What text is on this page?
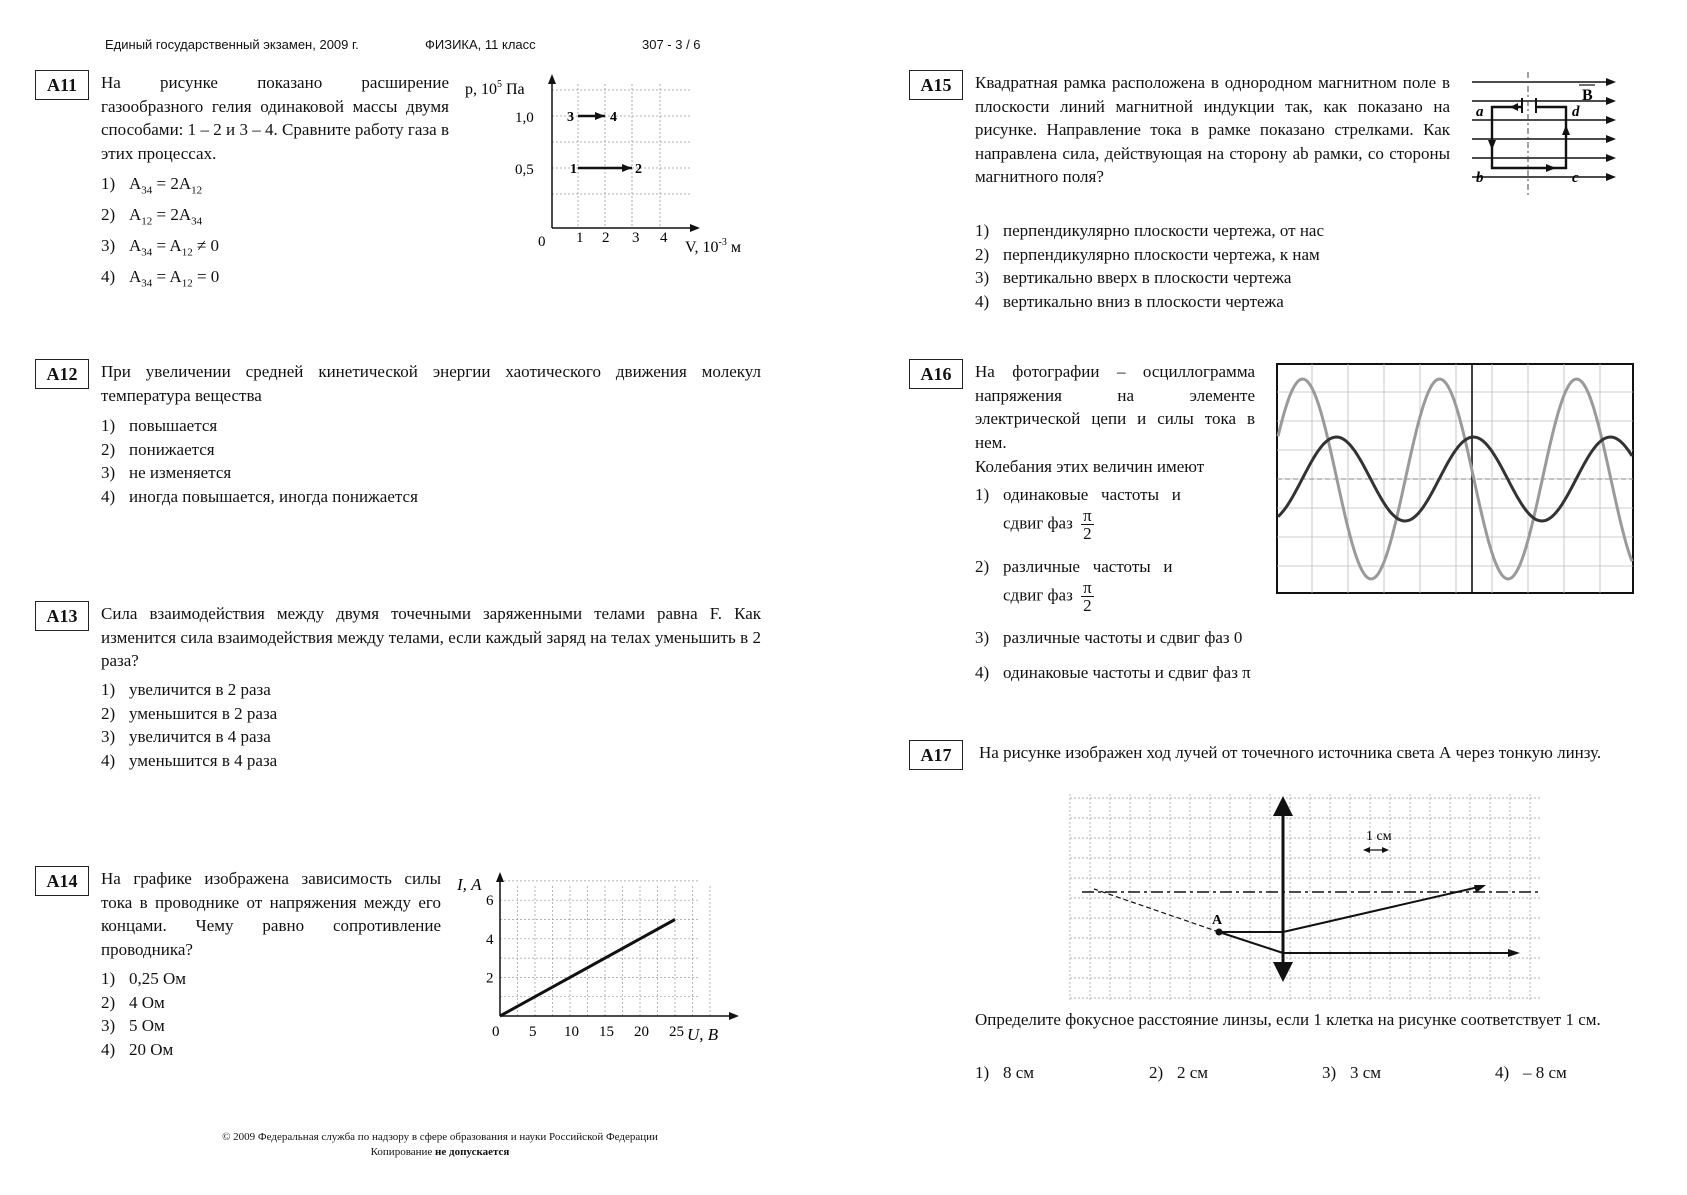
Единый государственный экзамен, 2009 г.	ФИЗИКА, 11 класс	307 - 3 / 6
A11	На рисунке показано расширение газообразного гелия одинаковой массы двумя способами: 1 – 2 и 3 – 4. Сравните работу газа в этих процессах.
1) $A_{34} = 2A_{12}$
2) $A_{12} = 2A_{34}$
3) $A_{34} = A_{12} \ne 0$
4) $A_{34} = A_{12} = 0$
p, $10^5$ Па
1,0
0,5
0 1 2 3 4
1	2
3	4
V, $10^{-3}$ м
A12	При увеличении средней кинетической энергии хаотического движения молекул температура вещества
1) повышается
2) понижается
3) не изменяется
4) иногда повышается, иногда понижается
A13	Сила взаимодействия между двумя точечными заряженными телами равна F. Как изменится сила взаимодействия между телами, если каждый заряд на телах уменьшить в 2 раза?
1) увеличится в 2 раза
2) уменьшится в 2 раза
3) увеличится в 4 раза
4) уменьшится в 4 раза
A14	На графике изображена зависимость силы тока в проводнике от напряжения между его концами. Чему равно сопротивление проводника?
1) 0,25 Ом
2) 4 Ом
3) 5 Ом
4) 20 Ом
0 5 10 15 20 25
2
4
6
I, А
U, В
A15	Квадратная рамка расположена в однородном магнитном поле в плоскости линий магнитной индукции так, как показано на рисунке. Направление тока в рамке показано стрелками. Как направлена сила, действующая на сторону ab рамки, со стороны магнитного поля?
B
a
b	c
d
1) перпендикулярно плоскости чертежа, от нас
2) перпендикулярно плоскости чертежа, к нам
3) вертикально вверх в плоскости чертежа
4) вертикально вниз в плоскости чертежа
A16	На фотографии – осциллограмма напряжения на элементе электрической цепи и силы тока в нем.
Колебания этих величин имеют
1) одинаковые   частоты   и
сдвиг фаз $\frac{\pi}{2}$
2) различные   частоты   и
сдвиг фаз $\frac{\pi}{2}$
3) различные частоты и сдвиг фаз 0
4) одинаковые частоты и сдвиг фаз π
A17	На рисунке изображен ход лучей от точечного источника света А через тонкую линзу.
А
1 см
Определите фокусное расстояние линзы, если 1 клетка на рисунке соответствует 1 см.
1) 8 см	2) 2 см	3) 3 см	4) – 8 см
© 2009 Федеральная служба по надзору в сфере образования и науки Российской Федерации
Копирование не допускается
